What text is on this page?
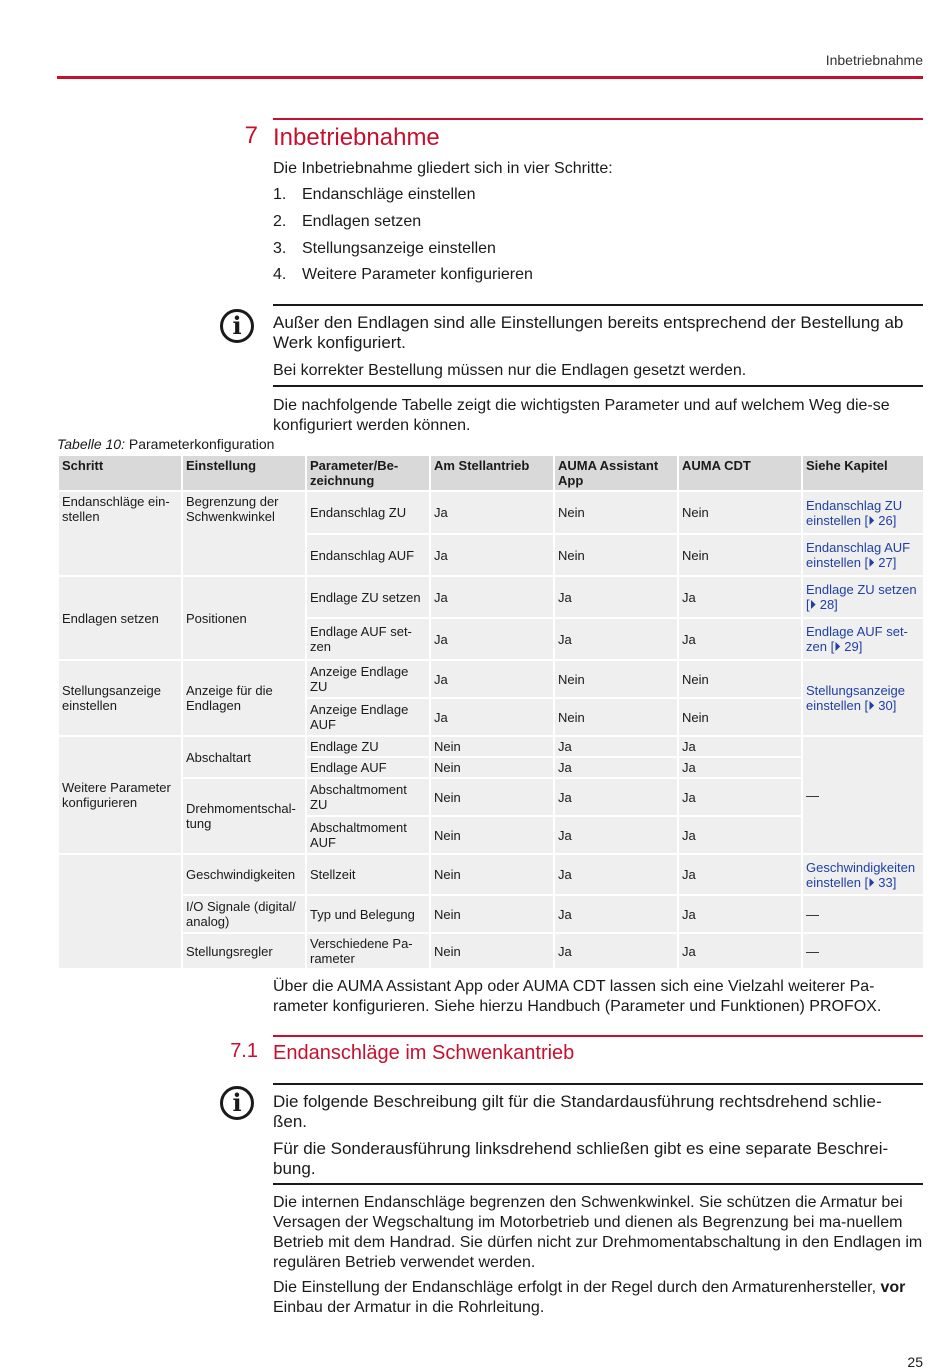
Inbetriebnahme
7 Inbetriebnahme
Die Inbetriebnahme gliedert sich in vier Schritte:
1. Endanschläge einstellen
2. Endlagen setzen
3. Stellungsanzeige einstellen
4. Weitere Parameter konfigurieren
i	Außer den Endlagen sind alle Einstellungen bereits entsprechend der Bestellung ab Werk konfiguriert.
Bei korrekter Bestellung müssen nur die Endlagen gesetzt werden.
Die nachfolgende Tabelle zeigt die wichtigsten Parameter und auf welchem Weg die-se konfiguriert werden können.
Tabelle 10: Parameterkonfiguration
Schritt	Einstellung	Parameter/Be-zeichnung	Am Stellantrieb	AUMA Assistant App	AUMA CDT	Siehe Kapitel
Endanschläge ein-stellen	Begrenzung der Schwenkwinkel	Endanschlag ZU	Ja	Nein	Nein	Endanschlag ZU einstellen [⏵ 26]
		Endanschlag AUF	Ja	Nein	Nein	Endanschlag AUF einstellen [⏵ 27]
Endlagen setzen	Positionen	Endlage ZU setzen	Ja	Ja	Ja	Endlage ZU setzen [⏵ 28]
		Endlage AUF set-zen	Ja	Ja	Ja	Endlage AUF set-zen [⏵ 29]
Stellungsanzeige einstellen	Anzeige für die Endlagen	Anzeige Endlage ZU	Ja	Nein	Nein	Stellungsanzeige einstellen [⏵ 30]
		Anzeige Endlage AUF	Ja	Nein	Nein	
Weitere Parameter konfigurieren	Abschaltart	Endlage ZU	Nein	Ja	Ja	—
		Endlage AUF	Nein	Ja	Ja	
	Drehmomentschal-tung	Abschaltmoment ZU	Nein	Ja	Ja	
		Abschaltmoment AUF	Nein	Ja	Ja	
	Geschwindigkeiten	Stellzeit	Nein	Ja	Ja	Geschwindigkeiten einstellen [⏵ 33]
	I/O Signale (digital/ analog)	Typ und Belegung	Nein	Ja	Ja	—
	Stellungsregler	Verschiedene Pa-rameter	Nein	Ja	Ja	—
Über die AUMA Assistant App oder AUMA CDT lassen sich eine Vielzahl weiterer Pa-rameter konfigurieren. Siehe hierzu Handbuch (Parameter und Funktionen) PROFOX.
7.1 Endanschläge im Schwenkantrieb
i	Die folgende Beschreibung gilt für die Standardausführung rechtsdrehend schlie-ßen.
Für die Sonderausführung linksdrehend schließen gibt es eine separate Beschrei-bung.
Die internen Endanschläge begrenzen den Schwenkwinkel. Sie schützen die Armatur bei Versagen der Wegschaltung im Motorbetrieb und dienen als Begrenzung bei ma-nuellem Betrieb mit dem Handrad. Sie dürfen nicht zur Drehmomentabschaltung in den Endlagen im regulären Betrieb verwendet werden.
Die Einstellung der Endanschläge erfolgt in der Regel durch den Armaturenhersteller, vor Einbau der Armatur in die Rohrleitung.
25
